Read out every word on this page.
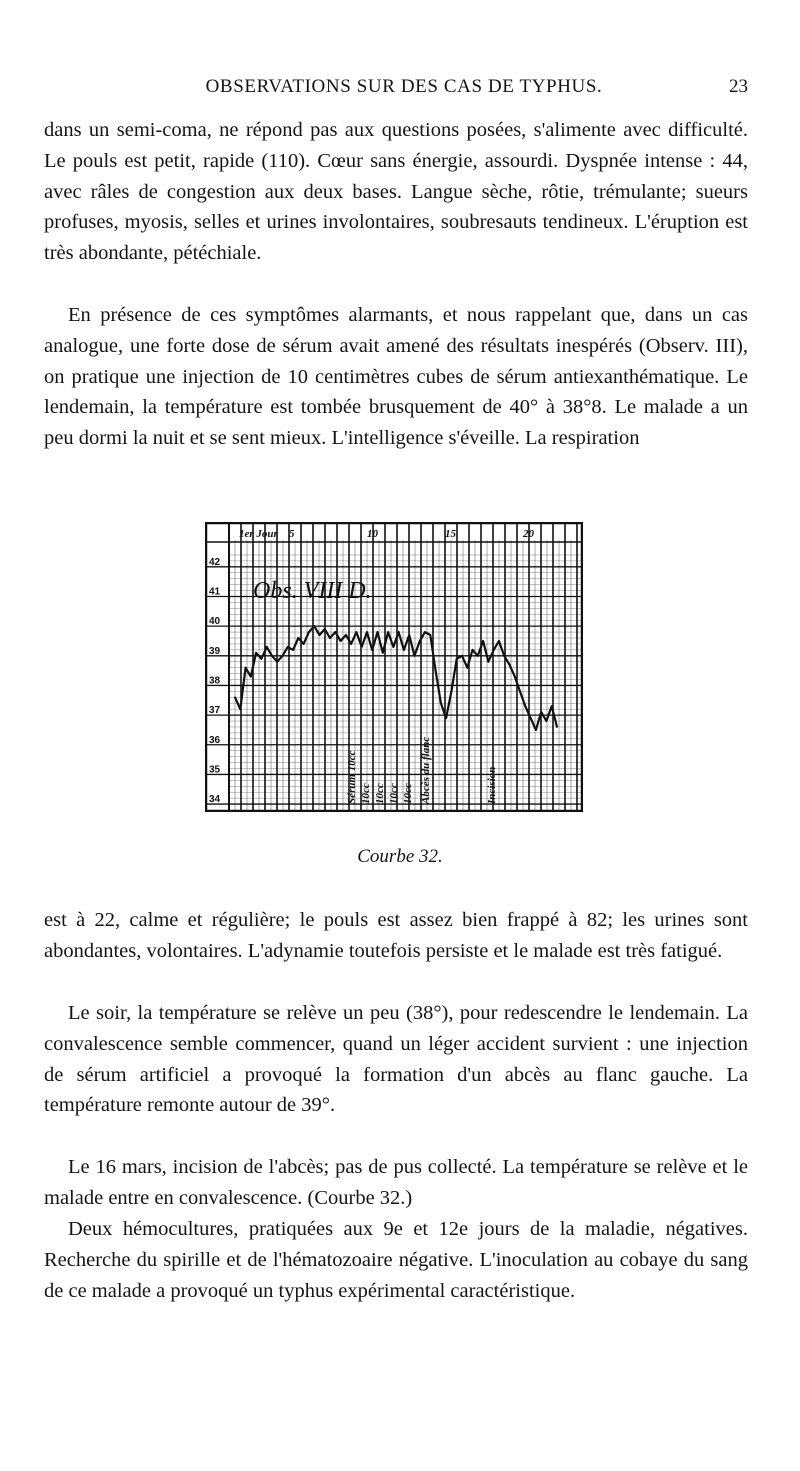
OBSERVATIONS SUR DES CAS DE TYPHUS.	23

dans un semi-coma, ne répond pas aux questions posées, s'alimente avec difficulté. Le pouls est petit, rapide (110). Cœur sans énergie, assourdi. Dyspnée intense : 44, avec râles de congestion aux deux bases. Langue sèche, rôtie, trémulante; sueurs profuses, myosis, selles et urines involontaires, soubresauts tendineux. L'éruption est très abondante, pétéchiale.

En présence de ces symptômes alarmants, et nous rappelant que, dans un cas analogue, une forte dose de sérum avait amené des résultats inespérés (Observ. III), on pratique une injection de 10 centimètres cubes de sérum antiexanthématique. Le lendemain, la température est tombée brusquement de 40° à 38°8. Le malade a un peu dormi la nuit et se sent mieux. L'intelligence s'éveille. La respiration

42
41
40
39
38
37
36
35
34
1er Jour 5	10	15	20
Sérum 10cc 10cc 10cc 10cc 10cc Abcès du flanc	Incision
Obs. VIII D.
Courbe 32.

est à 22, calme et régulière; le pouls est assez bien frappé à 82; les urines sont abondantes, volontaires. L'adynamie toutefois persiste et le malade est très fatigué.

Le soir, la température se relève un peu (38°), pour redescendre le lendemain. La convalescence semble commencer, quand un léger accident survient : une injection de sérum artificiel a provoqué la formation d'un abcès au flanc gauche. La température remonte autour de 39°.

Le 16 mars, incision de l'abcès; pas de pus collecté. La température se relève et le malade entre en convalescence. (Courbe 32.)

Deux hémocultures, pratiquées aux 9e et 12e jours de la maladie, négatives. Recherche du spirille et de l'hématozoaire négative. L'inoculation au cobaye du sang de ce malade a provoqué un typhus expérimental caractéristique.
